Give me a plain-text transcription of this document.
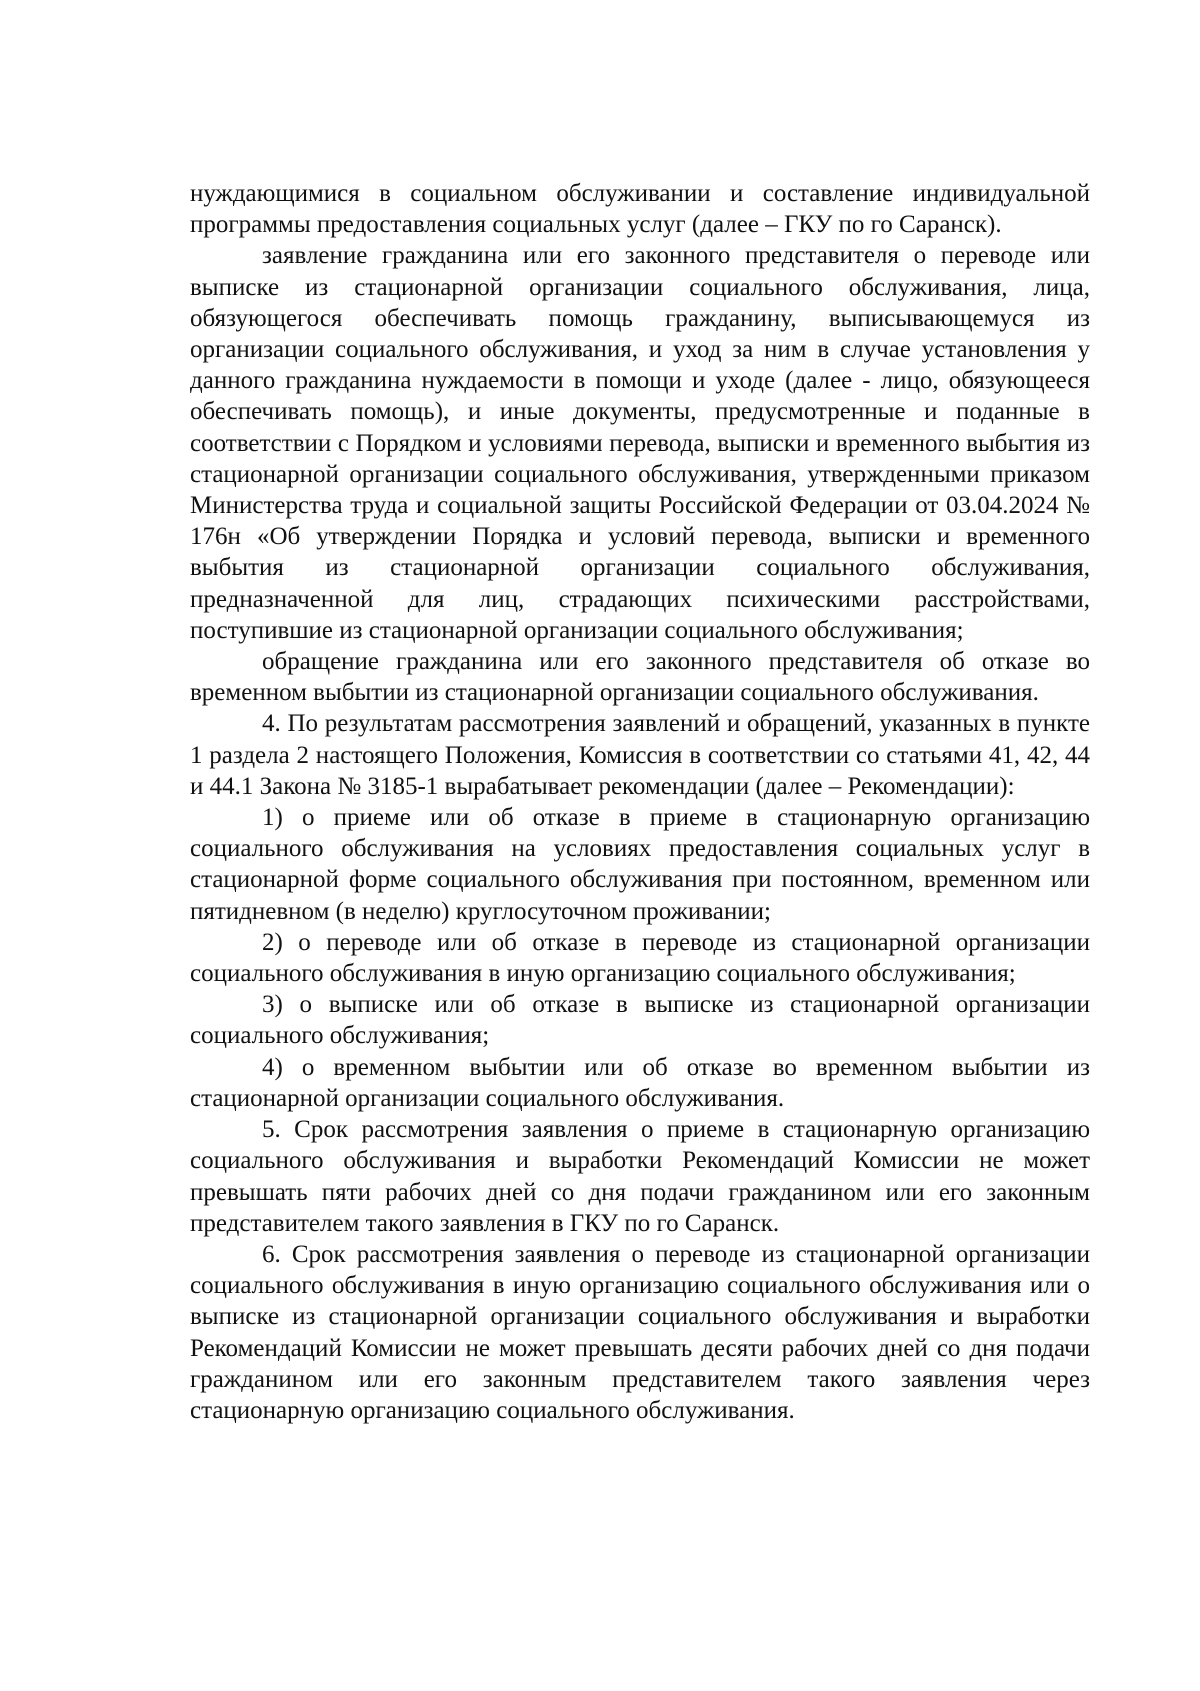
нуждающимися в социальном обслуживании и составление индивидуальной программы предоставления социальных услуг (далее – ГКУ по го Саранск).

заявление гражданина или его законного представителя о переводе или выписке из стационарной организации социального обслуживания, лица, обязующегося обеспечивать помощь гражданину, выписывающемуся из организации социального обслуживания, и уход за ним в случае установления у данного гражданина нуждаемости в помощи и уходе (далее - лицо, обязующееся обеспечивать помощь), и иные документы, предусмотренные и поданные в соответствии с Порядком и условиями перевода, выписки и временного выбытия из стационарной организации социального обслуживания, утвержденными приказом Министерства труда и социальной защиты Российской Федерации от 03.04.2024 № 176н «Об утверждении Порядка и условий перевода, выписки и временного выбытия из стационарной организации социального обслуживания, предназначенной для лиц, страдающих психическими расстройствами, поступившие из стационарной организации социального обслуживания;

обращение гражданина или его законного представителя об отказе во временном выбытии из стационарной организации социального обслуживания.

4. По результатам рассмотрения заявлений и обращений, указанных в пункте 1 раздела 2 настоящего Положения, Комиссия в соответствии со статьями 41, 42, 44 и 44.1 Закона № 3185-1 вырабатывает рекомендации (далее – Рекомендации):

1) о приеме или об отказе в приеме в стационарную организацию социального обслуживания на условиях предоставления социальных услуг в стационарной форме социального обслуживания при постоянном, временном или пятидневном (в неделю) круглосуточном проживании;

2) о переводе или об отказе в переводе из стационарной организации социального обслуживания в иную организацию социального обслуживания;

3) о выписке или об отказе в выписке из стационарной организации социального обслуживания;

4) о временном выбытии или об отказе во временном выбытии из стационарной организации социального обслуживания.

5. Срок рассмотрения заявления о приеме в стационарную организацию социального обслуживания и выработки Рекомендаций Комиссии не может превышать пяти рабочих дней со дня подачи гражданином или его законным представителем такого заявления в ГКУ по го Саранск.

6. Срок рассмотрения заявления о переводе из стационарной организации социального обслуживания в иную организацию социального обслуживания или о выписке из стационарной организации социального обслуживания и выработки Рекомендаций Комиссии не может превышать десяти рабочих дней со дня подачи гражданином или его законным представителем такого заявления через стационарную организацию социального обслуживания.
